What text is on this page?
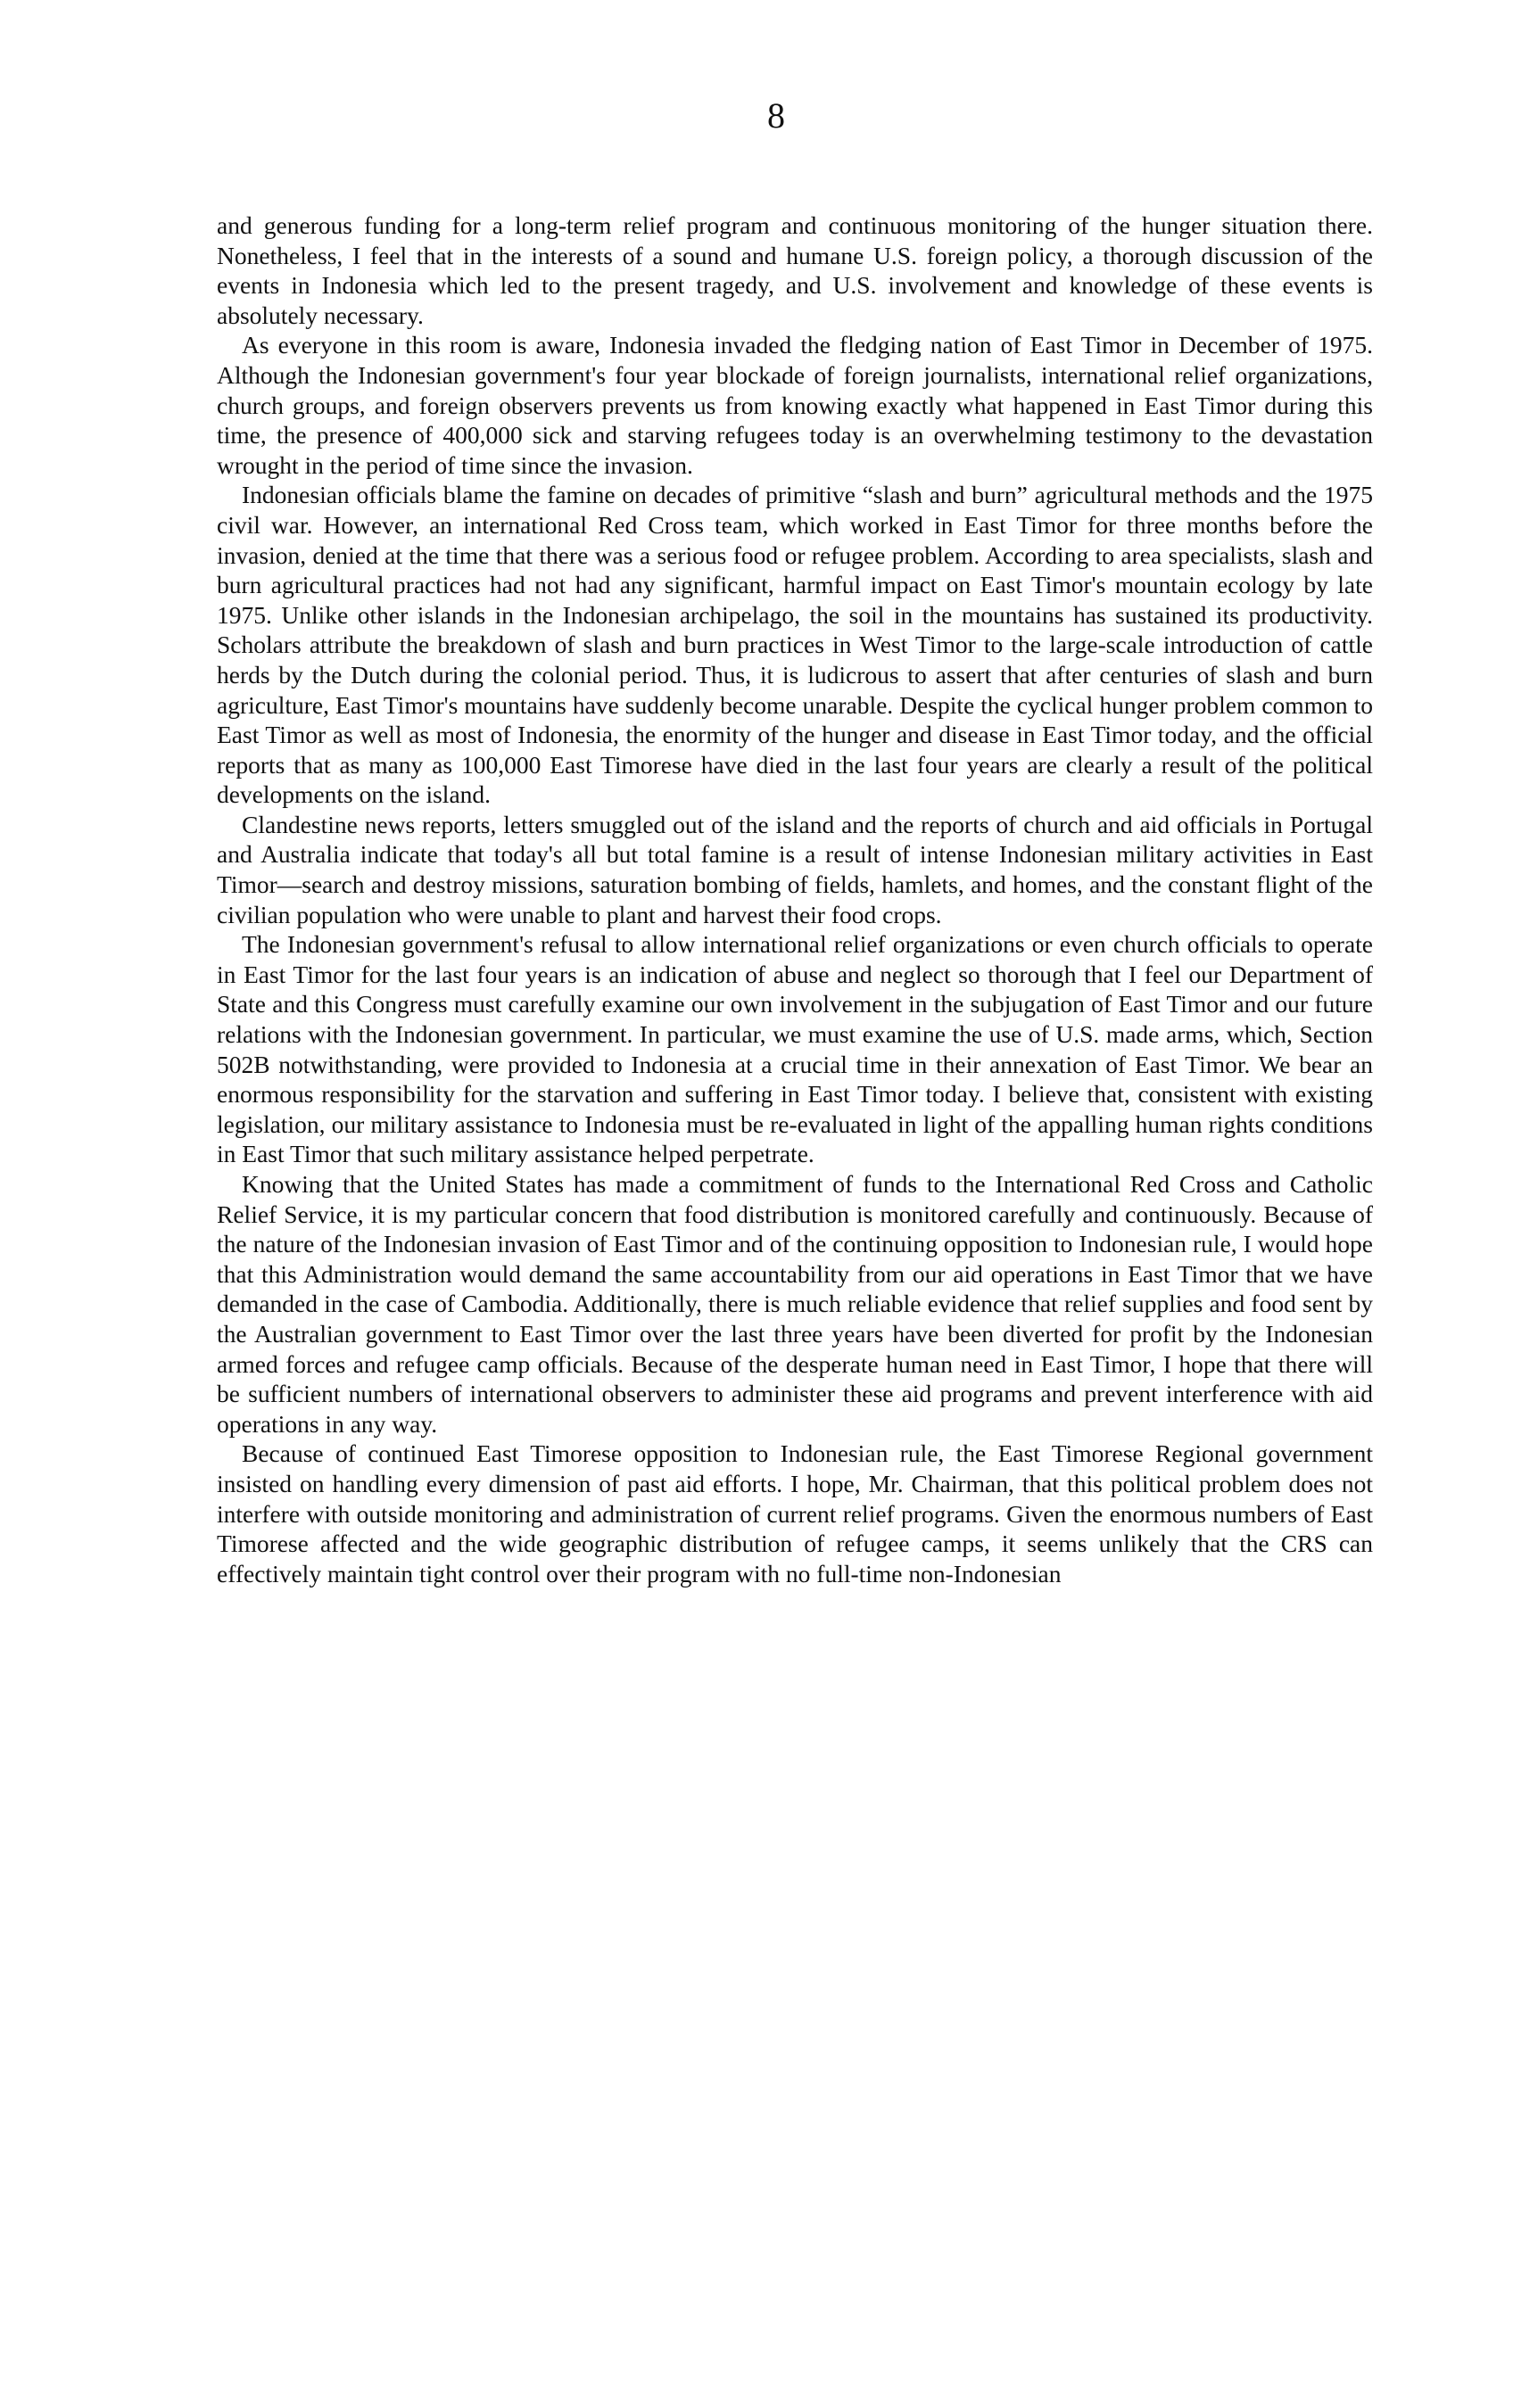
8

and generous funding for a long-term relief program and continuous monitoring of the hunger situation there. Nonetheless, I feel that in the interests of a sound and humane U.S. foreign policy, a thorough discussion of the events in Indonesia which led to the present tragedy, and U.S. involvement and knowledge of these events is absolutely necessary.

As everyone in this room is aware, Indonesia invaded the fledging nation of East Timor in December of 1975. Although the Indonesian government's four year blockade of foreign journalists, international relief organizations, church groups, and foreign observers prevents us from knowing exactly what happened in East Timor during this time, the presence of 400,000 sick and starving refugees today is an overwhelming testimony to the devastation wrought in the period of time since the invasion.

Indonesian officials blame the famine on decades of primitive “slash and burn” agricultural methods and the 1975 civil war. However, an international Red Cross team, which worked in East Timor for three months before the invasion, denied at the time that there was a serious food or refugee problem. According to area specialists, slash and burn agricultural practices had not had any significant, harmful impact on East Timor's mountain ecology by late 1975. Unlike other islands in the Indonesian archipelago, the soil in the mountains has sustained its productivity. Scholars attribute the breakdown of slash and burn practices in West Timor to the large-scale introduction of cattle herds by the Dutch during the colonial period. Thus, it is ludicrous to assert that after centuries of slash and burn agriculture, East Timor's mountains have suddenly become unarable. Despite the cyclical hunger problem common to East Timor as well as most of Indonesia, the enormity of the hunger and disease in East Timor today, and the official reports that as many as 100,000 East Timorese have died in the last four years are clearly a result of the political developments on the island.

Clandestine news reports, letters smuggled out of the island and the reports of church and aid officials in Portugal and Australia indicate that today's all but total famine is a result of intense Indonesian military activities in East Timor—search and destroy missions, saturation bombing of fields, hamlets, and homes, and the constant flight of the civilian population who were unable to plant and harvest their food crops.

The Indonesian government's refusal to allow international relief organizations or even church officials to operate in East Timor for the last four years is an indication of abuse and neglect so thorough that I feel our Department of State and this Congress must carefully examine our own involvement in the subjugation of East Timor and our future relations with the Indonesian government. In particular, we must examine the use of U.S. made arms, which, Section 502B notwithstanding, were provided to Indonesia at a crucial time in their annexation of East Timor. We bear an enormous responsibility for the starvation and suffering in East Timor today. I believe that, consistent with existing legislation, our military assistance to Indonesia must be re-evaluated in light of the appalling human rights conditions in East Timor that such military assistance helped perpetrate.

Knowing that the United States has made a commitment of funds to the International Red Cross and Catholic Relief Service, it is my particular concern that food distribution is monitored carefully and continuously. Because of the nature of the Indonesian invasion of East Timor and of the continuing opposition to Indonesian rule, I would hope that this Administration would demand the same accountability from our aid operations in East Timor that we have demanded in the case of Cambodia. Additionally, there is much reliable evidence that relief supplies and food sent by the Australian government to East Timor over the last three years have been diverted for profit by the Indonesian armed forces and refugee camp officials. Because of the desperate human need in East Timor, I hope that there will be sufficient numbers of international observers to administer these aid programs and prevent interference with aid operations in any way.

Because of continued East Timorese opposition to Indonesian rule, the East Timorese Regional government insisted on handling every dimension of past aid efforts. I hope, Mr. Chairman, that this political problem does not interfere with outside monitoring and administration of current relief programs. Given the enormous numbers of East Timorese affected and the wide geographic distribution of refugee camps, it seems unlikely that the CRS can effectively maintain tight control over their program with no full-time non-Indonesian
